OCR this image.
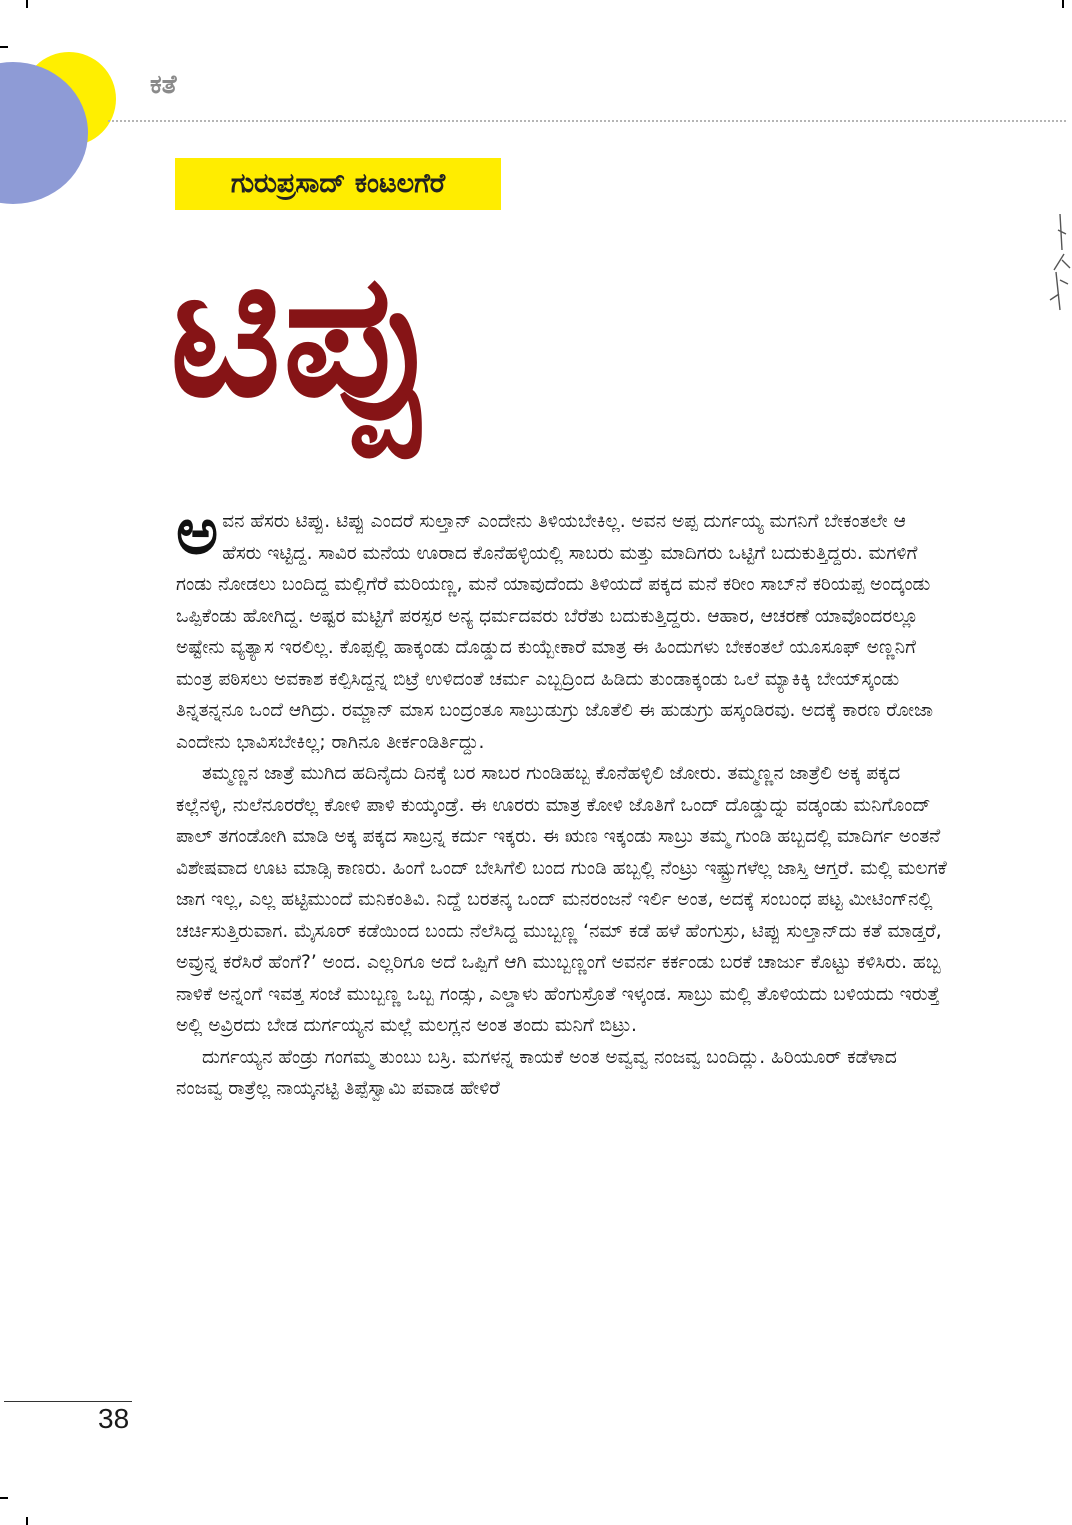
ಕತೆ
ಗುರುಪ್ರಸಾದ್ ಕಂಟಲಗೆರೆ
ಟಿಪ್ಪು
ಅ ವನ ಹೆಸರು ಟಿಪ್ಪು. ಟಿಪ್ಪು ಎಂದರೆ ಸುಲ್ತಾನ್ ಎಂದೇನು ತಿಳಿಯಬೇಕಿಲ್ಲ. ಅವನ ಅಪ್ಪ ದುರ್ಗಯ್ಯ ಮಗನಿಗೆ ಬೇಕಂತಲೇ ಆ ಹೆಸರು ಇಟ್ಟಿದ್ದ. ಸಾವಿರ ಮನೆಯ ಊರಾದ ಕೊನೆಹಳ್ಳಿಯಲ್ಲಿ ಸಾಬರು ಮತ್ತು ಮಾದಿಗರು ಒಟ್ಟಿಗೆ ಬದುಕುತ್ತಿದ್ದರು. ಮಗಳಿಗೆ ಗಂಡು ನೋಡಲು ಬಂದಿದ್ದ ಮಲ್ಲಿಗೆರೆ ಮರಿಯಣ್ಣ, ಮನೆ ಯಾವುದೆಂದು ತಿಳಿಯದೆ ಪಕ್ಕದ ಮನೆ ಕರೀಂ ಸಾಬ್‌ನೆ ಕರಿಯಪ್ಪ ಅಂದ್ಕಂಡು ಒಪ್ಪಿಕೆಂಡು ಹೋಗಿದ್ದ. ಅಷ್ಟರ ಮಟ್ಟಿಗೆ ಪರಸ್ಪರ ಅನ್ಯ ಧರ್ಮದವರು ಬೆರೆತು ಬದುಕುತ್ತಿದ್ದರು. ಆಹಾರ, ಆಚರಣೆ ಯಾವೊಂದರಲ್ಲೂ ಅಷ್ಟೇನು ವ್ಯತ್ಯಾಸ ಇರಲಿಲ್ಲ. ಕೊಪ್ಪಲ್ಲಿ ಹಾಕ್ಕಂಡು ದೊಡ್ಡುದ ಕುಯ್ಬೇಕಾರೆ ಮಾತ್ರ ಈ ಹಿಂದುಗಳು ಬೇಕಂತಲೆ ಯೂಸೂಫ್ ಅಣ್ಣನಿಗೆ ಮಂತ್ರ ಪಠಿಸಲು ಅವಕಾಶ ಕಲ್ಪಿಸಿದ್ದನ್ನ ಬಿಟ್ರೆ ಉಳಿದಂತೆ ಚರ್ಮ ಎಬ್ಬದ್ರಿಂದ ಹಿಡಿದು ತುಂಡಾಕ್ಕಂಡು ಒಲೆ ಮ್ಯಾಕಿಕ್ಕಿ ಬೇಯ್‌ಸ್ಕಂಡು ತಿನ್ನತನ್ನನೂ ಒಂದೆ ಆಗಿದ್ರು. ರಮ್ಜಾನ್ ಮಾಸ ಬಂದ್ರಂತೂ ಸಾಬ್ರುಡುಗ್ರು ಜೊತೆಲಿ ಈ ಹುಡುಗ್ರು ಹಸ್ಕಂಡಿರವು. ಅದಕ್ಕೆ ಕಾರಣ ರೋಜಾ ಎಂದೇನು ಭಾವಿಸಬೇಕಿಲ್ಲ; ರಾಗಿನೂ ತೀರ್ಕಂಡಿರ್ತಿದ್ದು.

ತಮ್ಮಣ್ಣನ ಜಾತ್ರೆ ಮುಗಿದ ಹದಿನೈದು ದಿನಕ್ಕೆ ಬರ ಸಾಬರ ಗುಂಡಿಹಬ್ಬ ಕೊನೆಹಳ್ಳಿಲಿ ಜೋರು. ತಮ್ಮಣ್ಣನ ಜಾತ್ರೆಲಿ ಅಕ್ಕ ಪಕ್ಕದ ಕಲ್ಲೆನಳ್ಳಿ, ನುಲೆನೂರರೆಲ್ಲ ಕೋಳಿ ಪಾಳಿ ಕುಯ್ಕಂಡ್ರೆ. ಈ ಊರರು ಮಾತ್ರ ಕೋಳಿ ಜೊತಿಗೆ ಒಂದ್ ದೊಡ್ಡುದ್ನು ವಡ್ಕಂಡು ಮನಿಗೊಂದ್ ಪಾಲ್ ತಗಂಡೋಗಿ ಮಾಡಿ ಅಕ್ಕ ಪಕ್ಕದ ಸಾಬ್ರನ್ನ ಕರ್ದು ಇಕ್ಕರು. ಈ ಋಣ ಇಕ್ಕಂಡು ಸಾಬ್ರು ತಮ್ಮ ಗುಂಡಿ ಹಬ್ಬದಲ್ಲಿ ಮಾದಿರ್ಗ ಅಂತನೆ ವಿಶೇಷವಾದ ಊಟ ಮಾಡ್ಸಿ ಕಾಣರು. ಹಿಂಗೆ ಒಂದ್ ಬೇಸಿಗೆಲಿ ಬಂದ ಗುಂಡಿ ಹಬ್ಬಲ್ಲಿ ನೆಂಟ್ರು ಇಷ್ಟ್ರುಗಳೆಲ್ಲ ಜಾಸ್ತಿ ಆಗ್ತರೆ. ಮಲ್ಲಿ ಮಲಗಕೆ ಜಾಗ ಇಲ್ಲ, ಎಲ್ಲ ಹಟ್ಟಿಮುಂದೆ ಮನಿಕಂತಿವಿ. ನಿದ್ದೆ ಬರತನ್ಕ ಒಂದ್ ಮನರಂಜನೆ ಇರ್ಲಿ ಅಂತ, ಅದಕ್ಕೆ ಸಂಬಂಧ ಪಟ್ಟ ಮೀಟಿಂಗ್‌ನಲ್ಲಿ ಚರ್ಚಿಸುತ್ತಿರುವಾಗ. ಮೈಸೂರ್ ಕಡೆಯಿಂದ ಬಂದು ನೆಲೆಸಿದ್ದ ಮುಬ್ಬಣ್ಣ ‘ನಮ್ ಕಡೆ ಹಳೆ ಹೆಂಗುಸ್ರು, ಟಿಪ್ಪು ಸುಲ್ತಾನ್‌ದು ಕತೆ ಮಾಡ್ತರೆ, ಅವ್ರುನ್ನ ಕರೆಸಿರೆ ಹೆಂಗೆ?’ ಅಂದ. ಎಲ್ಲರಿಗೂ ಅದೆ ಒಪ್ಪಿಗೆ ಆಗಿ ಮುಬ್ಬಣ್ಣಂಗೆ ಅವರ್ನ ಕರ್ಕಂಡು ಬರಕೆ ಚಾರ್ಜು ಕೊಟ್ಟು ಕಳಿಸಿರು. ಹಬ್ಬ ನಾಳಿಕೆ ಅನ್ನಂಗೆ ಇವತ್ತ ಸಂಜೆ ಮುಬ್ಬಣ್ಣ ಒಬ್ಬ ಗಂಡ್ಸು, ಎಲ್ಡಾಳು ಹೆಂಗುಸ್ರೊತೆ ಇಳ್ಕಂಡ. ಸಾಬ್ರು ಮಲ್ಲಿ ತೊಳಿಯದು ಬಳಿಯದು ಇರುತ್ತೆ ಅಲ್ಲಿ ಅವ್ರಿರದು ಬೇಡ ದುರ್ಗಯ್ಯನ ಮಲ್ಲೆ ಮಲಗ್ಲನ ಅಂತ ತಂದು ಮನಿಗೆ ಬಿಟ್ರು.

ದುರ್ಗಯ್ಯನ ಹೆಂಡ್ರು ಗಂಗಮ್ಮ ತುಂಬು ಬಸ್ರಿ. ಮಗಳನ್ನ ಕಾಯಕೆ ಅಂತ ಅವ್ವವ್ವ ನಂಜವ್ವ ಬಂದಿದ್ಲು. ಹಿರಿಯೂರ್ ಕಡೆಳಾದ ನಂಜವ್ವ ರಾತ್ರೆಲ್ಲ ನಾಯ್ಕನಟ್ಟಿ ತಿಪ್ಪೆಸ್ವಾಮಿ ಪವಾಡ ಹೇಳಿರೆ

38
